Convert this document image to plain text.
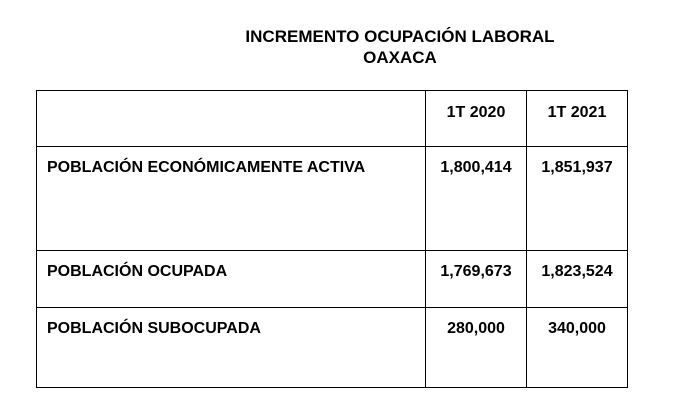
INCREMENTO OCUPACIÓN LABORAL
OAXACA
	1T 2020	1T 2021
POBLACIÓN ECONÓMICAMENTE ACTIVA	1,800,414	1,851,937
POBLACIÓN OCUPADA	1,769,673	1,823,524
POBLACIÓN SUBOCUPADA	280,000	340,000
